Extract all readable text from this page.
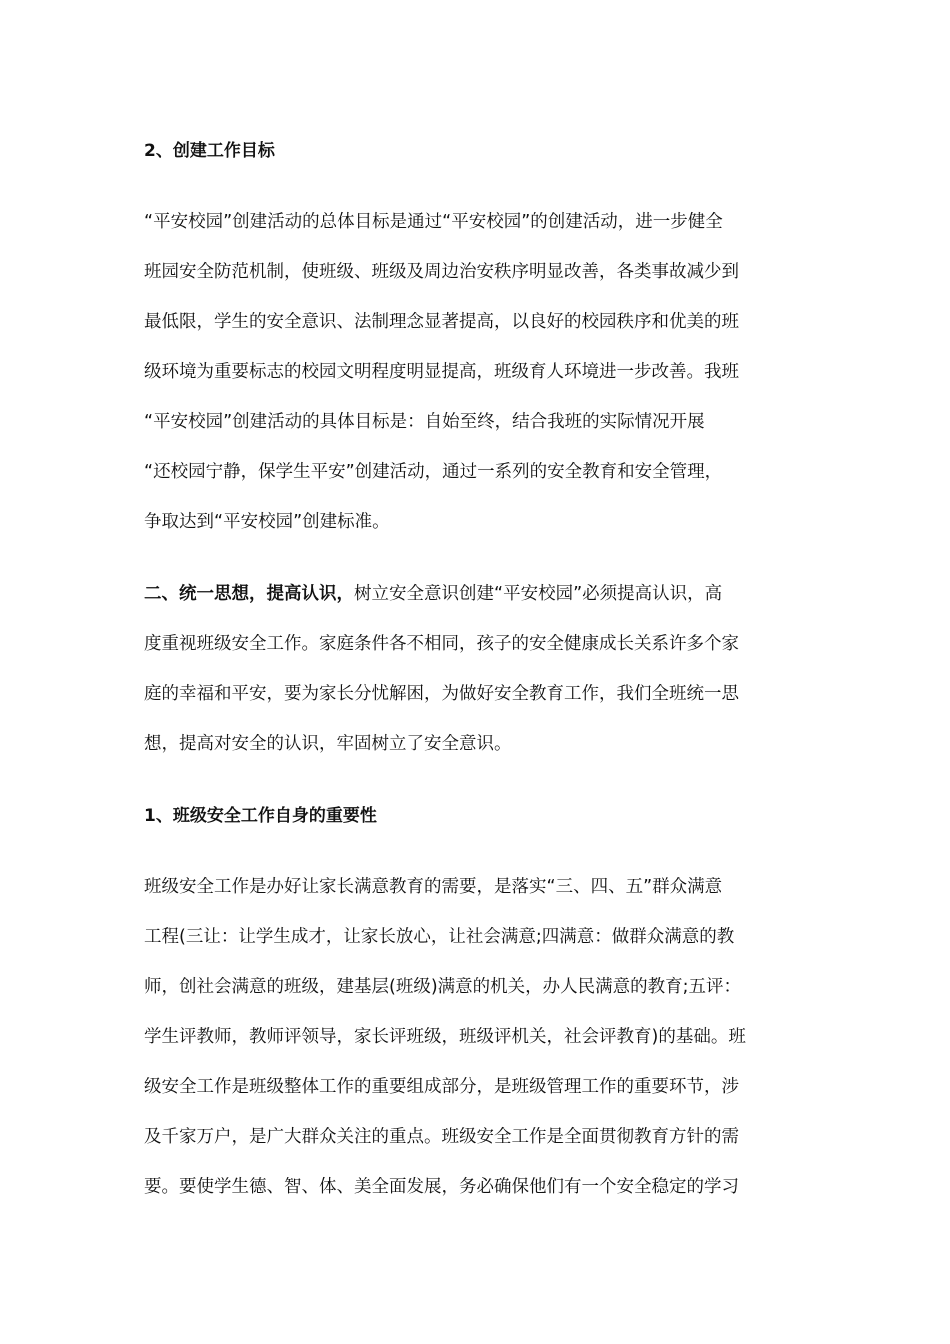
2、创建工作目标
“平安校园”创建活动的总体目标是通过“平安校园”的创建活动，进一步健全
班园安全防范机制，使班级、班级及周边治安秩序明显改善，各类事故减少到
最低限，学生的安全意识、法制理念显著提高，以良好的校园秩序和优美的班
级环境为重要标志的校园文明程度明显提高，班级育人环境进一步改善。我班
“平安校园”创建活动的具体目标是：自始至终，结合我班的实际情况开展
“还校园宁静，保学生平安”创建活动，通过一系列的安全教育和安全管理，
争取达到“平安校园”创建标准。
二、统一思想，提高认识，树立安全意识创建“平安校园”必须提高认识，高
度重视班级安全工作。家庭条件各不相同，孩子的安全健康成长关系许多个家
庭的幸福和平安，要为家长分忧解困，为做好安全教育工作，我们全班统一思
想，提高对安全的认识，牢固树立了安全意识。
1、班级安全工作自身的重要性
班级安全工作是办好让家长满意教育的需要，是落实“三、四、五”群众满意
工程(三让：让学生成才，让家长放心，让社会满意;四满意：做群众满意的教
师，创社会满意的班级，建基层(班级)满意的机关，办人民满意的教育;五评：
学生评教师，教师评领导，家长评班级，班级评机关，社会评教育)的基础。班
级安全工作是班级整体工作的重要组成部分，是班级管理工作的重要环节，涉
及千家万户，是广大群众关注的重点。班级安全工作是全面贯彻教育方针的需
要。要使学生德、智、体、美全面发展，务必确保他们有一个安全稳定的学习
